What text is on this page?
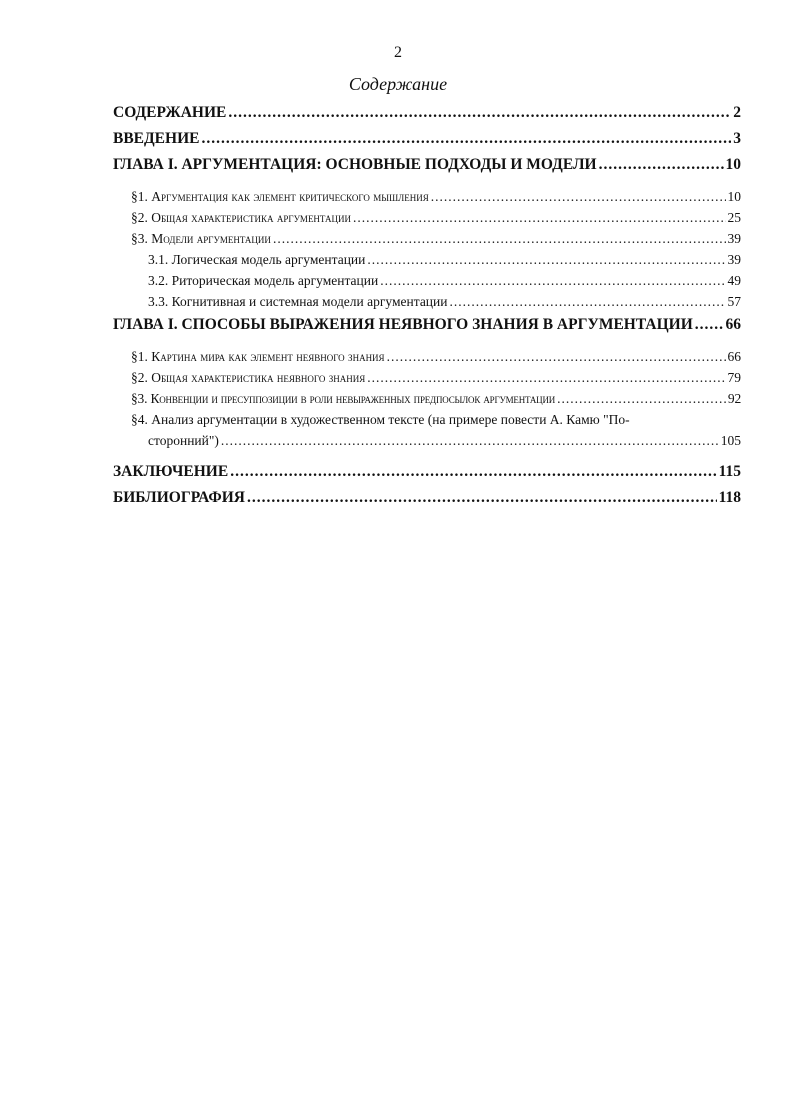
2
Содержание
СОДЕРЖАНИЕ .....	2
ВВЕДЕНИЕ .....	3
ГЛАВА I. АРГУМЕНТАЦИЯ: ОСНОВНЫЕ ПОДХОДЫ И МОДЕЛИ .....	10
§1. Аргументация как элемент критического мышления .....	10
§2. Общая характеристика аргументации .....	25
§3. Модели аргументации .....	39
3.1. Логическая модель аргументации .....	39
3.2. Риторическая модель аргументации .....	49
3.3. Когнитивная и системная модели аргументации .....	57
ГЛАВА I. СПОСОБЫ ВЫРАЖЕНИЯ НЕЯВНОГО ЗНАНИЯ В АРГУМЕНТАЦИИ ..... 66
§1. Картина мира как элемент неявного знания .....	66
§2. Общая характеристика неявного знания .....	79
§3. Конвенции и пресуппозиции в роли невыраженных предпосылок аргументации .....	92
§4. Анализ аргументации в художественном тексте (на примере повести А. Камю "По-
сторонний") .....	105
ЗАКЛЮЧЕНИЕ .....	115
БИБЛИОГРАФИЯ .....	118
